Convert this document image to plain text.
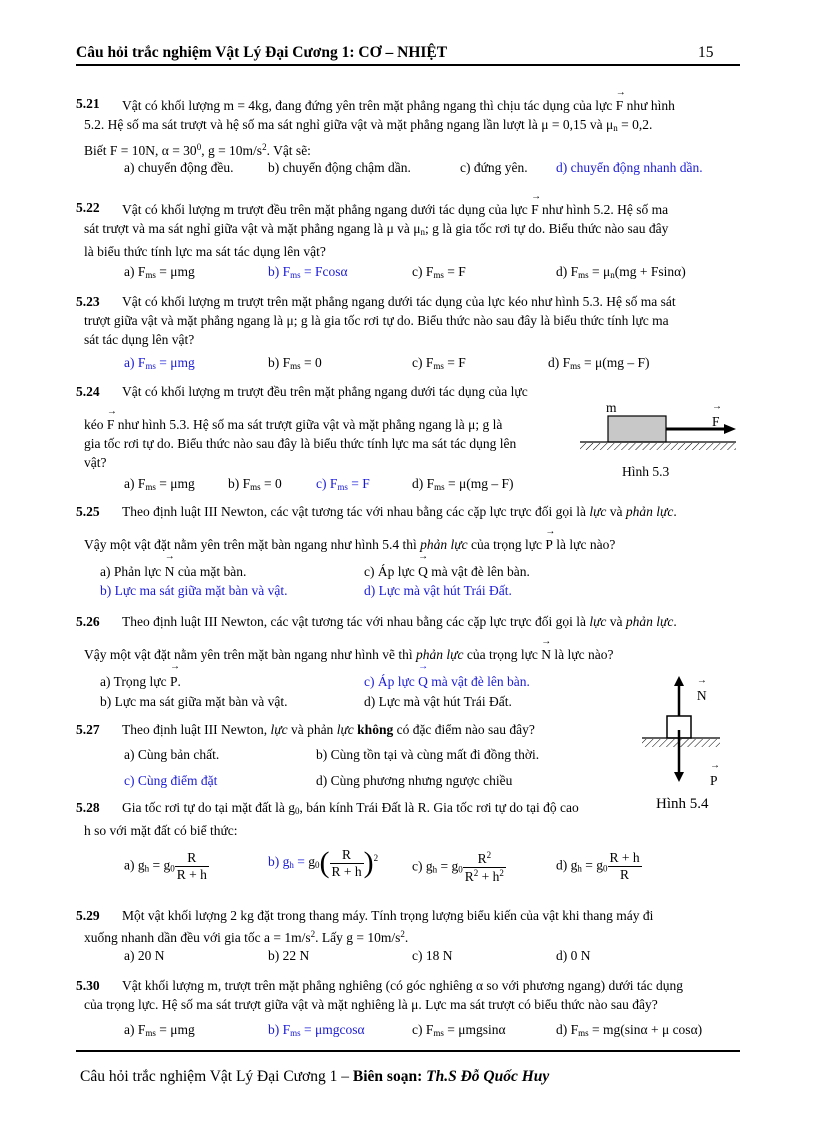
Câu hỏi trắc nghiệm Vật Lý Đại Cương 1: CƠ – NHIỆT	15
5.21	Vật có khối lượng m = 4kg, đang đứng yên trên mặt phẳng ngang thì chịu tác dụng của lực → F như hình
5.2. Hệ số ma sát trượt và hệ số ma sát nghỉ giữa vật và mặt phẳng ngang lần lượt là μ = 0,15 và $\mu_n = 0,2$.
Biết F = 10N, $\alpha = 30^0$, $g = 10m/s^2$. Vật sẽ:
a) chuyển động đều.	b) chuyển động chậm dần.	c) đứng yên. d) chuyển động nhanh dần.
5.22	Vật có khối lượng m trượt đều trên mặt phẳng ngang dưới tác dụng của lực → F như hình 5.2. Hệ số ma
sát trượt và ma sát nghỉ giữa vật và mặt phẳng ngang là μ và $\mu_n$; g là gia tốc rơi tự do. Biểu thức nào sau đây
là biểu thức tính lực ma sát tác dụng lên vật?
a) $F_{ms} = \mu mg$	b) $F_{ms} = Fcos\alpha$	c) $F_{ms} = F$	d) $F_{ms} = \mu_n(mg + Fsin\alpha)$
5.23	Vật có khối lượng m trượt trên mặt phẳng ngang dưới tác dụng của lực kéo như hình 5.3. Hệ số ma sát
trượt giữa vật và mặt phẳng ngang là μ; g là gia tốc rơi tự do. Biểu thức nào sau đây là biểu thức tính lực ma
sát tác dụng lên vật?
a) $F_{ms} = \mu mg$	b) $F_{ms} = 0$	c) $F_{ms} = F$	d) $F_{ms} = \mu(mg - F)$
5.24	Vật có khối lượng m trượt đều trên mặt phẳng ngang dưới tác dụng của lực
kéo → F như hình 5.3. Hệ số ma sát trượt giữa vật và mặt phẳng ngang là μ; g là
gia tốc rơi tự do. Biểu thức nào sau đây là biểu thức tính lực ma sát tác dụng lên
vật?
a) $F_{ms} = \mu mg$ b) $F_{ms} = 0$	c) $F_{ms} = F$	d) $F_{ms} = \mu(mg - F)$
m
→ F
Hình 5.3
5.25	Theo định luật III Newton, các vật tương tác với nhau bằng các cặp lực trực đối gọi là lực và phản lực.
Vậy một vật đặt nằm yên trên mặt bàn ngang như hình 5.4 thì phản lực của trọng lực → P là lực nào?
a) Phản lực → N của mặt bàn.	c) Áp lực → Q mà vật đè lên bàn.
b) Lực ma sát giữa mặt bàn và vật.	d) Lực mà vật hút Trái Đất.
5.26	Theo định luật III Newton, các vật tương tác với nhau bằng các cặp lực trực đối gọi là lực và phản lực.
Vậy một vật đặt nằm yên trên mặt bàn ngang như hình vẽ thì phản lực của trọng lực → N là lực nào?
a) Trọng lực → P.	c) Áp lực → Q mà vật đè lên bàn.
b) Lực ma sát giữa mặt bàn và vật.	d) Lực mà vật hút Trái Đất.	→ N → P
Hình 5.4
5.27	Theo định luật III Newton, lực và phản lực không có đặc điểm nào sau đây?
a) Cùng bản chất.	b) Cùng tồn tại và cùng mất đi đồng thời.
c) Cùng điểm đặt	d) Cùng phương nhưng ngược chiều
5.28	Gia tốc rơi tự do tại mặt đất là $g_0$, bán kính Trái Đất là R. Gia tốc rơi tự do tại độ cao
h so với mặt đất có biể thức:
a) $g_h = g_0 \frac{R}{R + h}$	b) $g_h = g_0( \frac{R}{R + h} )^2$
c) $g_h = g_0 \frac{R^2}{R^2 + h^2}$	d) $g_h = g_0 \frac{R + h}{R}$
5.29	Một vật khối lượng 2 kg đặt trong thang máy. Tính trọng lượng biểu kiến của vật khi thang máy đi
xuống nhanh dần đều với gia tốc $a = 1m/s^2$. Lấy $g = 10m/s^2$.
a) 20 N	b) 22 N	c) 18 N	d) 0 N
5.30	Vật khối lượng m, trượt trên mặt phẳng nghiêng (có góc nghiêng α so với phương ngang) dưới tác dụng
của trọng lực. Hệ số ma sát trượt giữa vật và mặt nghiêng là μ. Lực ma sát trượt có biểu thức nào sau đây?
a) $F_{ms} = \mu mg$	b) $F_{ms} = \mu mgcos\alpha$	c) $F_{ms} = \mu mgsin\alpha$	d) $F_{ms} = mg(\sin\alpha + \mu$ cosα)
Câu hỏi trắc nghiệm Vật Lý Đại Cương 1 – Biên soạn: Th.S Đỗ Quốc Huy
